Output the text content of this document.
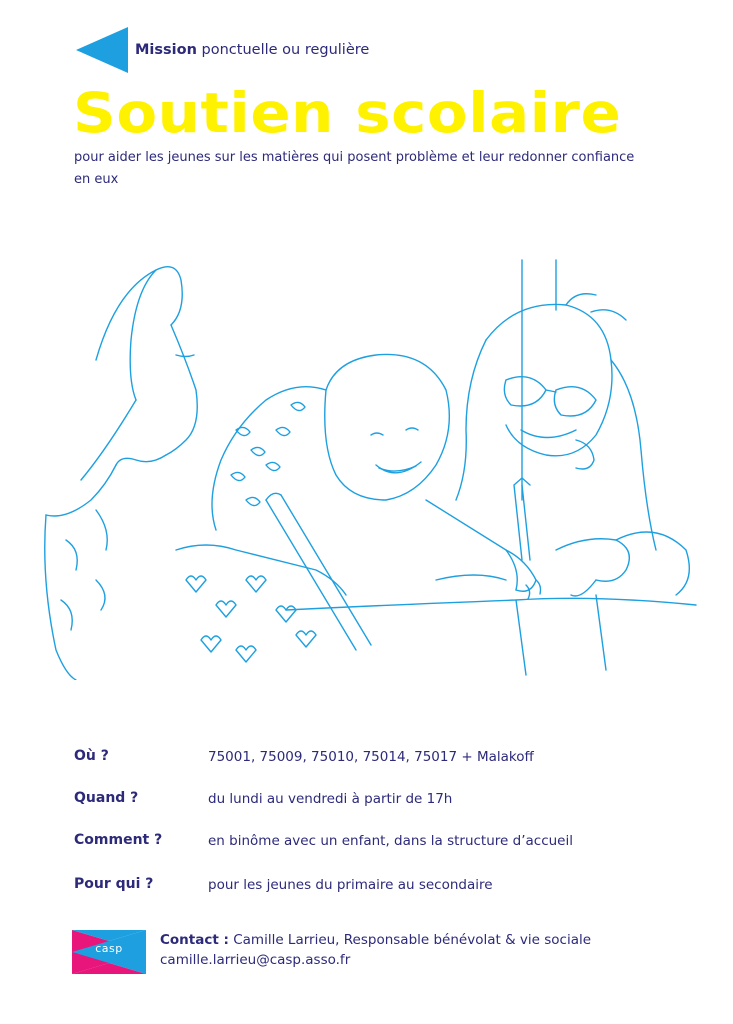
Mission ponctuelle ou regulière
Soutien scolaire
pour aider les jeunes sur les matières qui posent problème et leur redonner confiance en eux
Où ?	75001, 75009, 75010, 75014, 75017 + Malakoff
Quand ?	du lundi au vendredi à partir de 17h
Comment ?	en binôme avec un enfant, dans la structure d’accueil
Pour qui ?	pour les jeunes du primaire au secondaire
casp
Contact : Camille Larrieu, Responsable bénévolat & vie sociale
camille.larrieu@casp.asso.fr
